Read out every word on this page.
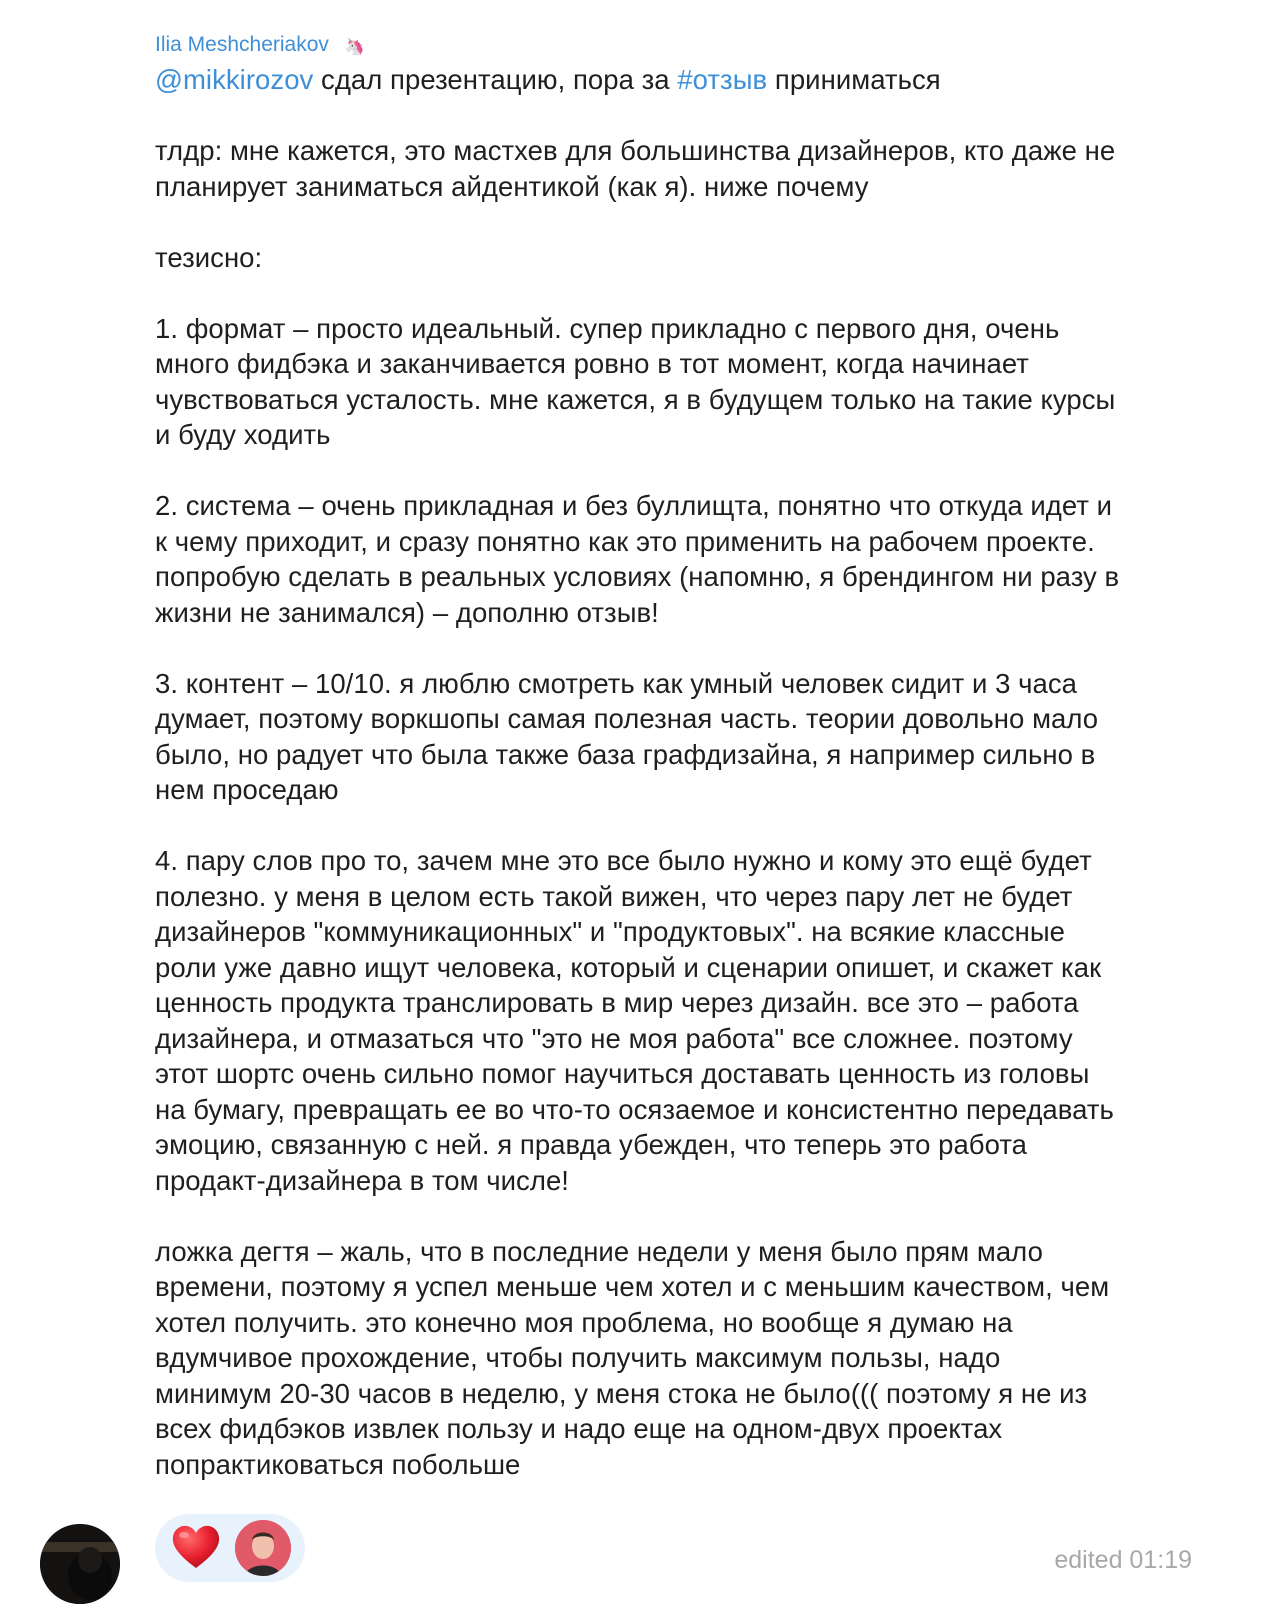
Ilia Meshcheriakov 🦄

@mikkirozov сдал презентацию, пора за #отзыв приниматься

тлдр: мне кажется, это мастхев для большинства дизайнеров, кто даже не

планирует заниматься айдентикой (как я). ниже почему

тезисно:

1. формат – просто идеальный. супер прикладно с первого дня, очень

много фидбэка и заканчивается ровно в тот момент, когда начинает

чувствоваться усталость. мне кажется, я в будущем только на такие курсы

и буду ходить

2. система – очень прикладная и без буллищта, понятно что откуда идет и

к чему приходит, и сразу понятно как это применить на рабочем проекте.

попробую сделать в реальных условиях (напомню, я брендингом ни разу в

жизни не занимался) – дополню отзыв!

3. контент – 10/10. я люблю смотреть как умный человек сидит и 3 часа

думает, поэтому воркшопы самая полезная часть. теории довольно мало

было, но радует что была также база графдизайна, я например сильно в

нем проседаю

4. пару слов про то, зачем мне это все было нужно и кому это ещё будет

полезно. у меня в целом есть такой вижен, что через пару лет не будет

дизайнеров "коммуникационных" и "продуктовых". на всякие классные

роли уже давно ищут человека, который и сценарии опишет, и скажет как

ценность продукта транслировать в мир через дизайн. все это – работа

дизайнера, и отмазаться что "это не моя работа" все сложнее. поэтому

этот шортс очень сильно помог научиться доставать ценность из головы

на бумагу, превращать ее во что-то осязаемое и консистентно передавать

эмоцию, связанную с ней. я правда убежден, что теперь это работа

продакт-дизайнера в том числе!

ложка дегтя – жаль, что в последние недели у меня было прям мало

времени, поэтому я успел меньше чем хотел и с меньшим качеством, чем

хотел получить. это конечно моя проблема, но вообще я думаю на

вдумчивое прохождение, чтобы получить максимум пользы, надо

минимум 20-30 часов в неделю, у меня стока не было((( поэтому я не из

всех фидбэков извлек пользу и надо еще на одном-двух проектах

попрактиковаться побольше

edited 01:19
